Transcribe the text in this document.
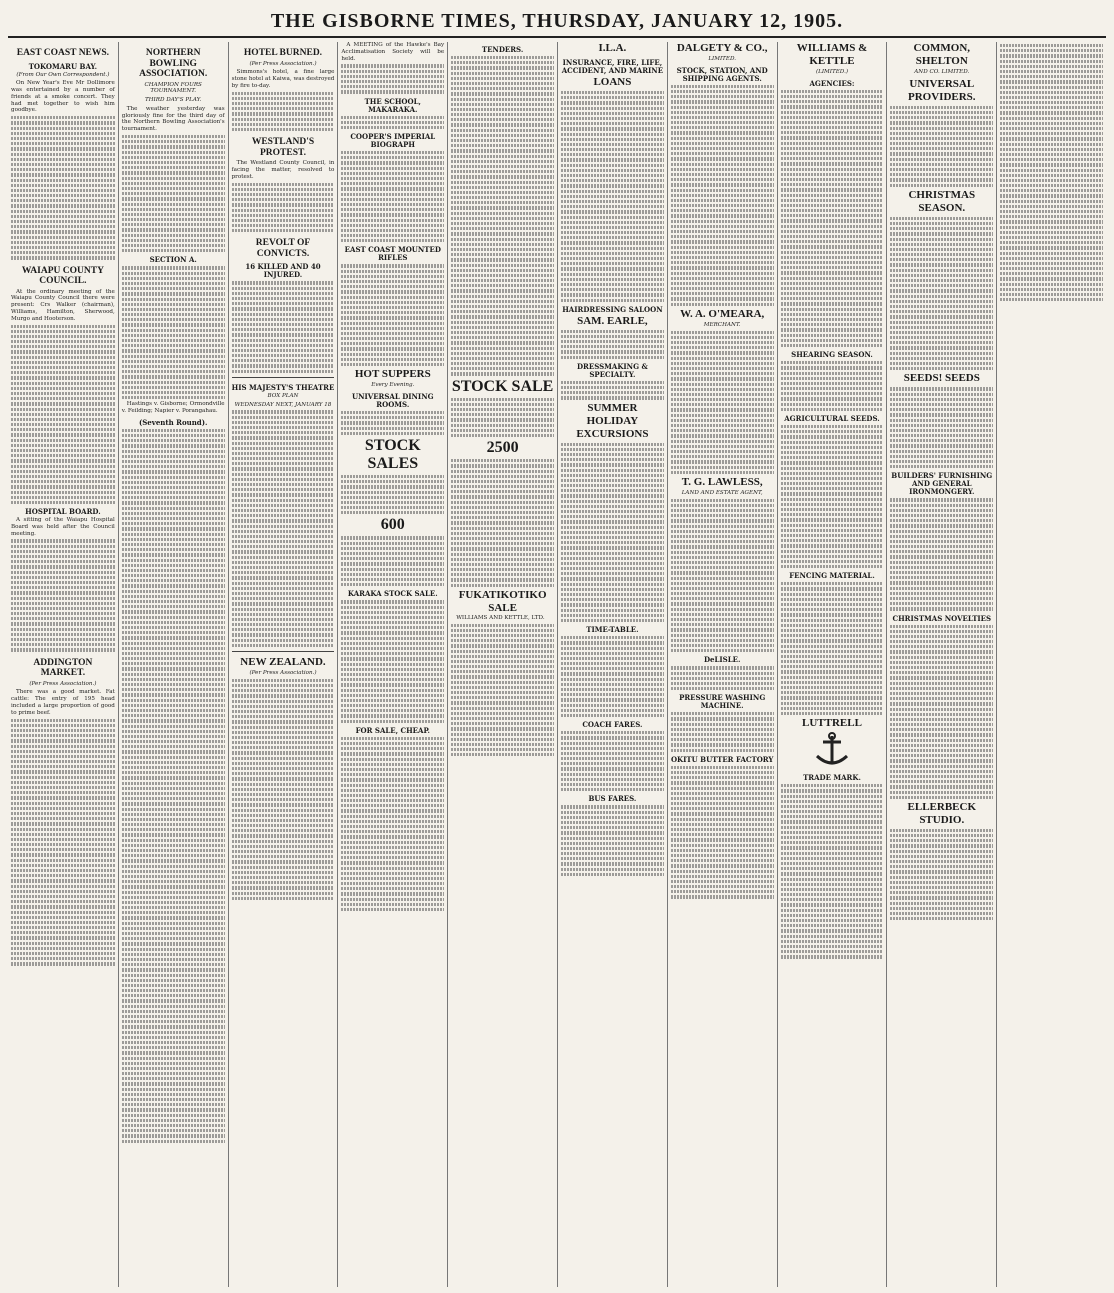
THE GISBORNE TIMES, THURSDAY, JANUARY 12, 1905.
EAST COAST NEWS.
TOKOMARU BAY.
(From Our Own Correspondent.)

On New Year's Eve Mr Dollimore was entertained by a number of friends at a smoke concert. They had met together to wish him goodbye.

WAIAPU COUNTY COUNCIL.

At the ordinary meeting of the Waiapu County Council there were present: Crs Walker (chairman), Williams, Hamilton, Sherwood, Murgo and Hooterson.

HOSPITAL BOARD.

A sitting of the Waiapu Hospital Board was held after the Council meeting.

ADDINGTON MARKET.
(Per Press Association.)

There was a good market. Fat cattle: The entry of 195 head included a large proportion of good to prime beef.

NORTHERN BOWLING ASSOCIATION.
CHAMPION FOURS TOURNAMENT.
THIRD DAY'S PLAY.

The weather yesterday was gloriously fine for the third day of the Northern Bowling Association's tournament.

SECTION A.

Hastings v. Gisborne; Ormondville v. Feilding; Napier v. Porangahau.

(Seventh Round).
HOTEL BURNED.
(Per Press Association.)

Simmons's hotel, a fine large stone hotel at Kaiwa, was destroyed by fire to-day.

WESTLAND'S PROTEST.

The Westland County Council, in facing the matter, resolved to protest.

REVOLT OF CONVICTS.
16 KILLED AND 40 INJURED.
HIS MAJESTY'S THEATRE
BOX PLAN
WEDNESDAY NEXT, JANUARY 18
NEW ZEALAND.
(Per Press Association.)

A MEETING of the Hawke's Bay Acclimatisation Society will be held.

THE SCHOOL, MAKARAKA.
COOPER'S IMPERIAL BIOGRAPH
EAST COAST MOUNTED RIFLES
HOT SUPPERS
Every Evening.
UNIVERSAL DINING ROOMS.
STOCK SALES
600
KARAKA STOCK SALE.
FOR SALE, CHEAP.
TENDERS.
STOCK SALE
2500
FUKATIKOTIKO SALE

WILLIAMS AND KETTLE, LTD.

I.L.A.
INSURANCE, FIRE, LIFE, ACCIDENT, AND MARINE
LOANS
HAIRDRESSING SALOON
SAM. EARLE,
DRESSMAKING & SPECIALTY.
SUMMER HOLIDAY EXCURSIONS
TIME-TABLE.
COACH FARES.
BUS FARES.
DALGETY & CO.,
LIMITED.
STOCK, STATION, AND SHIPPING AGENTS.
W. A. O'MEARA,
MERCHANT.
T. G. LAWLESS,
LAND AND ESTATE AGENT,
DeLISLE.
PRESSURE WASHING MACHINE.
OKITU BUTTER FACTORY
WILLIAMS & KETTLE
(LIMITED.)
AGENCIES:
SHEARING SEASON.
AGRICULTURAL SEEDS.
FENCING MATERIAL.
LUTTRELL
TRADE MARK.
COMMON, SHELTON
AND CO. LIMITED.
UNIVERSAL PROVIDERS.
CHRISTMAS SEASON.
SEEDS! SEEDS
BUILDERS' FURNISHING AND GENERAL IRONMONGERY.
CHRISTMAS NOVELTIES
ELLERBECK STUDIO.
